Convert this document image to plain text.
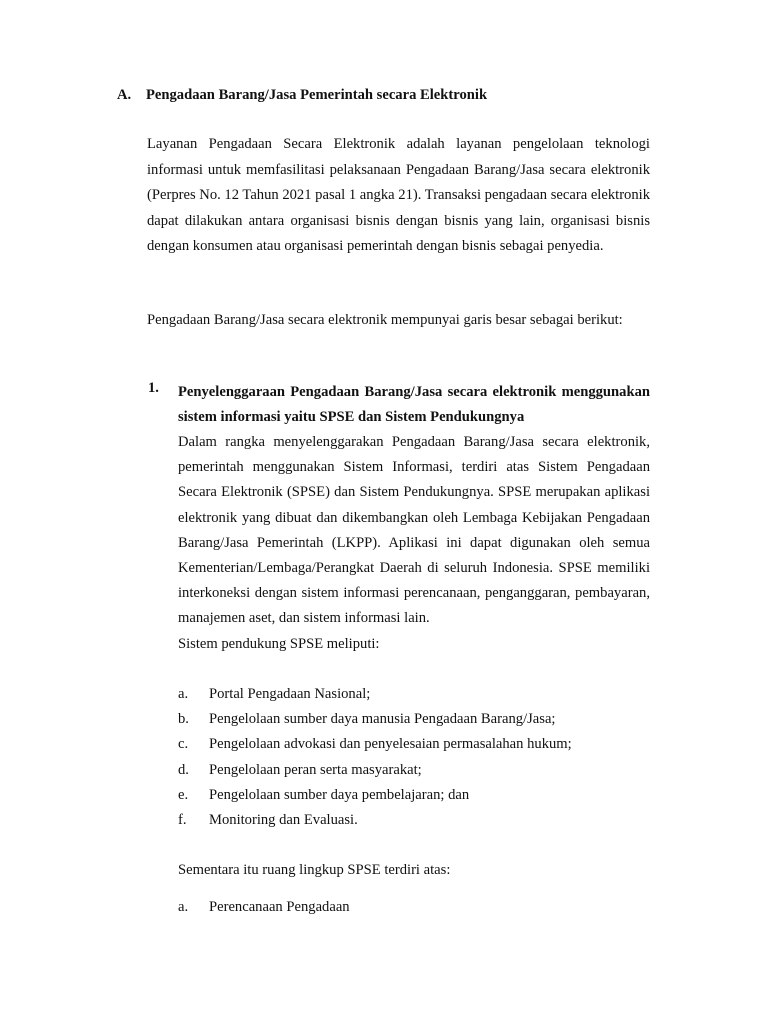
A. Pengadaan Barang/Jasa Pemerintah secara Elektronik
Layanan Pengadaan Secara Elektronik adalah layanan pengelolaan teknologi informasi untuk memfasilitasi pelaksanaan Pengadaan Barang/Jasa secara elektronik (Perpres No. 12 Tahun 2021 pasal 1 angka 21). Transaksi pengadaan secara elektronik dapat dilakukan antara organisasi bisnis dengan bisnis yang lain, organisasi bisnis dengan konsumen atau organisasi pemerintah dengan bisnis sebagai penyedia.
Pengadaan Barang/Jasa secara elektronik mempunyai garis besar sebagai berikut:
1. Penyelenggaraan Pengadaan Barang/Jasa secara elektronik menggunakan sistem informasi yaitu SPSE dan Sistem Pendukungnya
Dalam rangka menyelenggarakan Pengadaan Barang/Jasa secara elektronik, pemerintah menggunakan Sistem Informasi, terdiri atas Sistem Pengadaan Secara Elektronik (SPSE) dan Sistem Pendukungnya. SPSE merupakan aplikasi elektronik yang dibuat dan dikembangkan oleh Lembaga Kebijakan Pengadaan Barang/Jasa Pemerintah (LKPP). Aplikasi ini dapat digunakan oleh semua Kementerian/Lembaga/Perangkat Daerah di seluruh Indonesia. SPSE memiliki interkoneksi dengan sistem informasi perencanaan, penganggaran, pembayaran, manajemen aset, dan sistem informasi lain.
Sistem pendukung SPSE meliputi:
a. Portal Pengadaan Nasional;
b. Pengelolaan sumber daya manusia Pengadaan Barang/Jasa;
c. Pengelolaan advokasi dan penyelesaian permasalahan hukum;
d. Pengelolaan peran serta masyarakat;
e. Pengelolaan sumber daya pembelajaran; dan
f. Monitoring dan Evaluasi.
Sementara itu ruang lingkup SPSE terdiri atas:
a. Perencanaan Pengadaan
